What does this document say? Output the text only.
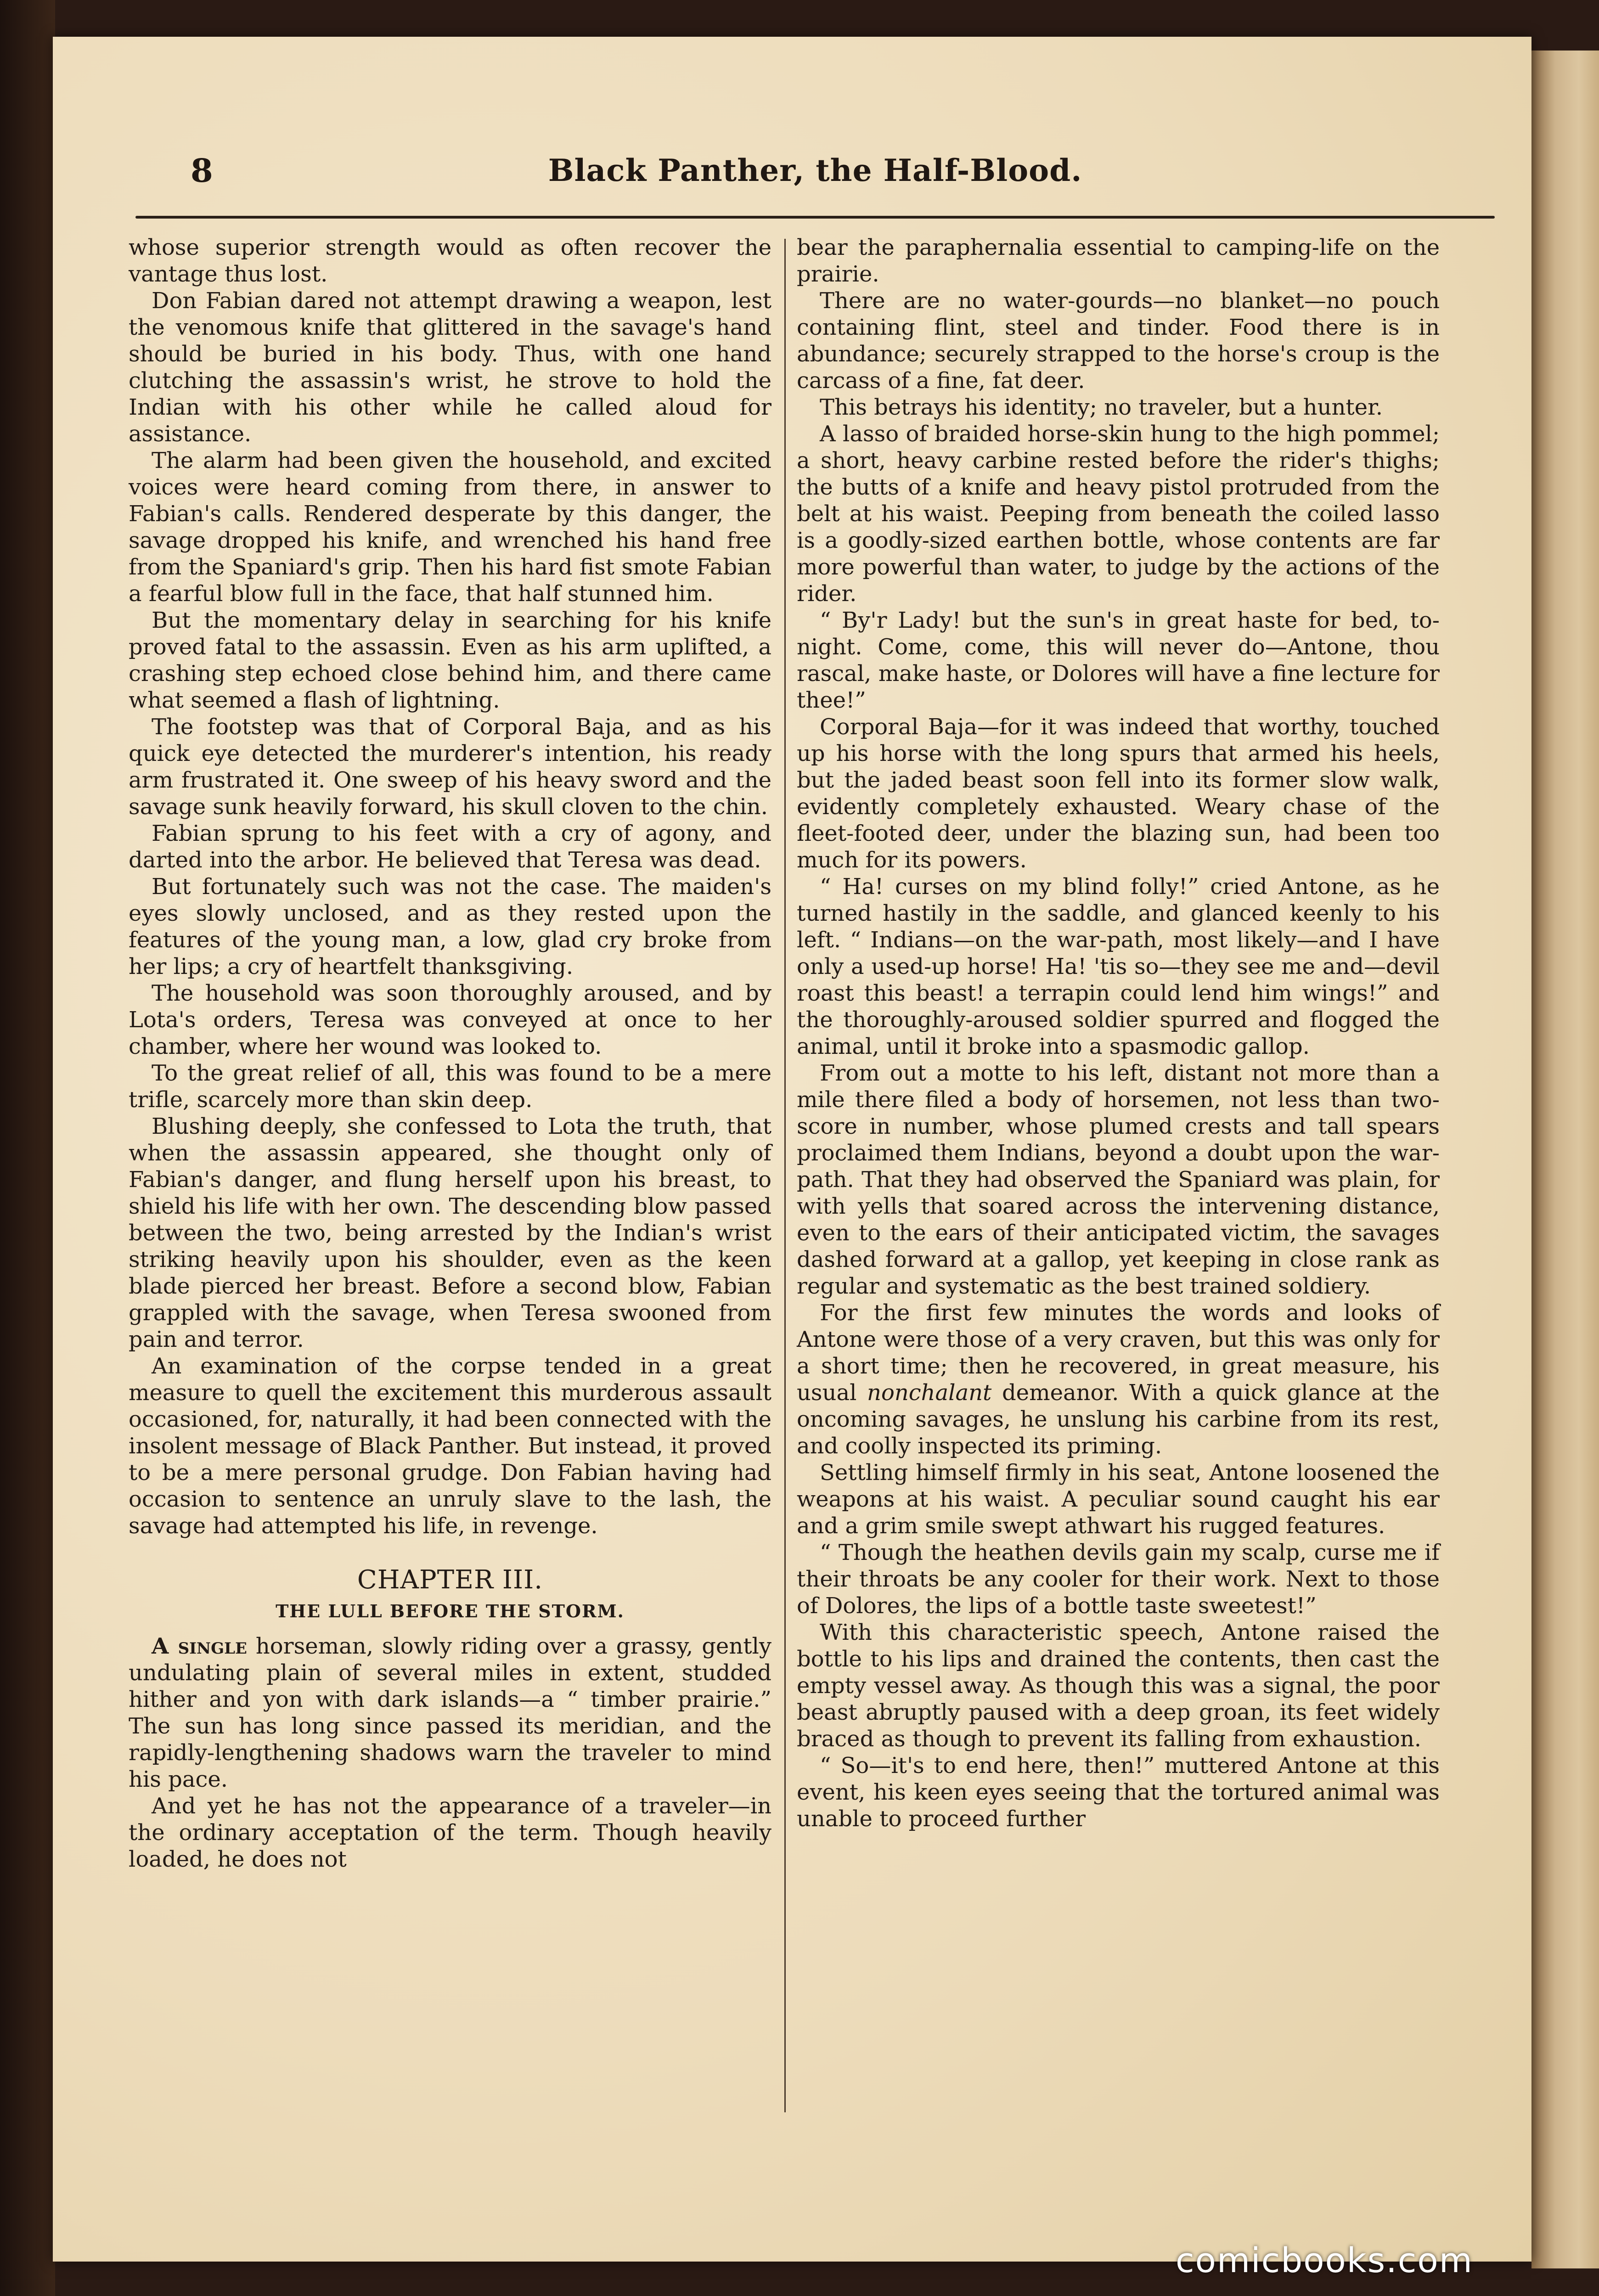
8	Black Panther, the Half-Blood.

whose superior strength would as often recover the vantage thus lost.

Don Fabian dared not attempt drawing a weapon, lest the venomous knife that glittered in the savage's hand should be buried in his body. Thus, with one hand clutching the assassin's wrist, he strove to hold the Indian with his other while he called aloud for assistance.

The alarm had been given the household, and excited voices were heard coming from there, in answer to Fabian's calls. Rendered desperate by this danger, the savage dropped his knife, and wrenched his hand free from the Spaniard's grip. Then his hard fist smote Fabian a fearful blow full in the face, that half stunned him.

But the momentary delay in searching for his knife proved fatal to the assassin. Even as his arm uplifted, a crashing step echoed close behind him, and there came what seemed a flash of lightning.

The footstep was that of Corporal Baja, and as his quick eye detected the murderer's intention, his ready arm frustrated it. One sweep of his heavy sword and the savage sunk heavily forward, his skull cloven to the chin.

Fabian sprung to his feet with a cry of agony, and darted into the arbor. He believed that Teresa was dead.

But fortunately such was not the case. The maiden's eyes slowly unclosed, and as they rested upon the features of the young man, a low, glad cry broke from her lips; a cry of heartfelt thanksgiving.

The household was soon thoroughly aroused, and by Lota's orders, Teresa was conveyed at once to her chamber, where her wound was looked to.

To the great relief of all, this was found to be a mere trifle, scarcely more than skin deep.

Blushing deeply, she confessed to Lota the truth, that when the assassin appeared, she thought only of Fabian's danger, and flung herself upon his breast, to shield his life with her own. The descending blow passed between the two, being arrested by the Indian's wrist striking heavily upon his shoulder, even as the keen blade pierced her breast. Before a second blow, Fabian grappled with the savage, when Teresa swooned from pain and terror.

An examination of the corpse tended in a great measure to quell the excitement this murderous assault occasioned, for, naturally, it had been connected with the insolent message of Black Panther. But instead, it proved to be a mere personal grudge. Don Fabian having had occasion to sentence an unruly slave to the lash, the savage had attempted his life, in revenge.

CHAPTER III.
THE LULL BEFORE THE STORM.

A single horseman, slowly riding over a grassy, gently undulating plain of several miles in extent, studded hither and yon with dark islands—a “ timber prairie.” The sun has long since passed its meridian, and the rapidly-lengthening shadows warn the traveler to mind his pace.

And yet he has not the appearance of a traveler—in the ordinary acceptation of the term. Though heavily loaded, he does not

bear the paraphernalia essential to camping-life on the prairie.

There are no water-gourds—no blanket—no pouch containing flint, steel and tinder. Food there is in abundance; securely strapped to the horse's croup is the carcass of a fine, fat deer.

This betrays his identity; no traveler, but a hunter.

A lasso of braided horse-skin hung to the high pommel; a short, heavy carbine rested before the rider's thighs; the butts of a knife and heavy pistol protruded from the belt at his waist. Peeping from beneath the coiled lasso is a goodly-sized earthen bottle, whose contents are far more powerful than water, to judge by the actions of the rider.

“ By'r Lady! but the sun's in great haste for bed, to-night. Come, come, this will never do—Antone, thou rascal, make haste, or Dolores will have a fine lecture for thee!”

Corporal Baja—for it was indeed that worthy, touched up his horse with the long spurs that armed his heels, but the jaded beast soon fell into its former slow walk, evidently completely exhausted. Weary chase of the fleet-footed deer, under the blazing sun, had been too much for its powers.

“ Ha! curses on my blind folly!” cried Antone, as he turned hastily in the saddle, and glanced keenly to his left. “ Indians—on the war-path, most likely—and I have only a used-up horse! Ha! 'tis so—they see me and—devil roast this beast! a terrapin could lend him wings!” and the thoroughly-aroused soldier spurred and flogged the animal, until it broke into a spasmodic gallop.

From out a motte to his left, distant not more than a mile there filed a body of horsemen, not less than two-score in number, whose plumed crests and tall spears proclaimed them Indians, beyond a doubt upon the war-path. That they had observed the Spaniard was plain, for with yells that soared across the intervening distance, even to the ears of their anticipated victim, the savages dashed forward at a gallop, yet keeping in close rank as regular and systematic as the best trained soldiery.

For the first few minutes the words and looks of Antone were those of a very craven, but this was only for a short time; then he recovered, in great measure, his usual nonchalant demeanor. With a quick glance at the oncoming savages, he unslung his carbine from its rest, and coolly inspected its priming.

Settling himself firmly in his seat, Antone loosened the weapons at his waist. A peculiar sound caught his ear and a grim smile swept athwart his rugged features.

“ Though the heathen devils gain my scalp, curse me if their throats be any cooler for their work. Next to those of Dolores, the lips of a bottle taste sweetest!”

With this characteristic speech, Antone raised the bottle to his lips and drained the contents, then cast the empty vessel away. As though this was a signal, the poor beast abruptly paused with a deep groan, its feet widely braced as though to prevent its falling from exhaustion.

“ So—it's to end here, then!” muttered Antone at this event, his keen eyes seeing that the tortured animal was unable to proceed further

comicbooks.com
